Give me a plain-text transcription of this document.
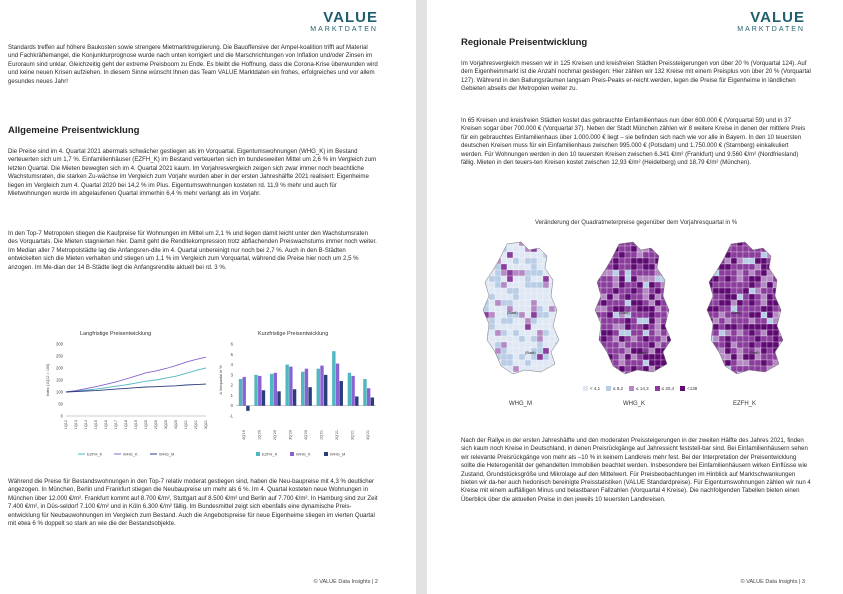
VALUE
MARKTDATEN

Standards treffen auf höhere Baukosten sowie strengere Mietmarktregulierung. Die Bauoffensive der Ampel-koalition trifft auf Material und Fachkräftemangel, die Konjunkturprognose wurde nach unten korrigiert und die Marschrichtungen von Inflation und/oder Zinsen im Euroraum sind unklar. Gleichzeitig geht der extreme Preisboom zu Ende. Es bleibt die Hoffnung, dass die Corona-Krise überwunden wird und keine neuen Krisen aufziehen. In diesem Sinne wünscht Ihnen das Team VALUE Marktdaten ein frohes, erfolgreiches und vor allem gesundes neues Jahr!

Allgemeine Preisentwicklung

Die Preise sind im 4. Quartal 2021 abermals schwächer gestiegen als im Vorquartal. Eigentumswohnungen (WHG_K) im Bestand verteuerten sich um 1,7 %. Einfamilienhäuser (EZFH_K) im Bestand verteuerten sich im bundesweiten Mittel um 2,6 % im Vergleich zum letzten Quartal. Die Mieten bewegten sich im 4. Quartal 2021 kaum. Im Vorjahresvergleich zeigen sich zwar immer noch beachtliche Wachstumsraten, die starken Zu-wächse im Vergleich zum Vorjahr wurden aber in der ersten Jahreshälfte 2021 realisiert: Eigenheime liegen im Vergleich zum 4. Quartal 2020 bei 14,2 % im Plus. Eigentumswohnungen kosteten rd. 11,9 % mehr und auch für Mietwohnungen wurde im abgelaufenen Quartal immerhin 6,4 % mehr verlangt als im Vorjahr.

In den Top-7 Metropolen stiegen die Kaufpreise für Wohnungen im Mittel um 2,1 % und liegen damit leicht unter den Wachstumsraten des Vorquartals. Die Mieten stagnierten hier. Damit geht die Renditekompression trotz abflachenden Preiswachstums immer noch weiter. Im Median aller 7 Metropolstädte lag die Anfangsren-dite im 4. Quartal unbereinigt nur noch bei 2,7 %. Auch in den B-Städten entwickelten sich die Mieten verhalten und stiegen um 1,1 % im Vergleich zum Vorquartal, während die Preise hier noch um 2,5 % anzogen. Im Me-dian der 14 B-Städte liegt die Anfangsrendite aktuell bei rd. 3 %.

Langfristige Preisentwicklung
0
50
100
150
200
250
300
Index (1Q12 = 100)
1Q12 1Q13 1Q14 1Q15 1Q16 1Q17 1Q18 1Q19 1Q20 2Q20 3Q20 4Q20 1Q21 2Q21 3Q21
EZFH_K	WHG_K	WHG_M
Kurzfristige Preisentwicklung
-1
0
1
2
3
4
5
6
Δ Vorquartal in %
4Q'19	1Q'20	2Q'20	3Q'20	4Q'20	1Q'21	2Q'21	3Q'21	4Q'21
EZFH_K	WHG_K	WHG_M

Während die Preise für Bestandswohnungen in den Top-7 relativ moderat gestiegen sind, haben die Neu-baupreise mit 4,3 % deutlicher angezogen. In München, Berlin und Frankfurt stiegen die Neubaupreise um mehr als 6 %. Im 4. Quartal kosteten neue Wohnungen in München über 12.000 €/m². Frankfurt kommt auf 8.700 €/m², Stuttgart auf 8.500 €/m² und Berlin auf 7.700 €/m². In Hamburg sind zur Zeit 7.400 €/m², in Düs-seldorf 7.100 €/m² und in Köln 6.300 €/m² fällig. Im Bundesmittel zeigt sich ebenfalls eine dynamische Preis-entwicklung für Neubauwohnungen im Vergleich zum Bestand. Auch die Angebotspreise für neue Eigenheime stiegen im vierten Quartal mit etwa 6 % doppelt so stark an wie die der Bestandsobjekte.

© VALUE Data Insights | 2
VALUE
MARKTDATEN
Regionale Preisentwicklung

Im Vorjahresvergleich messen wir in 125 Kreisen und kreisfreien Städten Preissteigerungen von über 20 % (Vorquartal 124). Auf dem Eigenheimmarkt ist die Anzahl nochmal gestiegen: Hier zählen wir 132 Kreise mit einem Preisplus von über 20 % (Vorquartal 127). Während in den Ballungsräumen langsam Preis-Peaks er-reicht werden, legen die Preise für Eigenheime in ländlichen Gebieten abseits der Metropolen weiter zu.

In 65 Kreisen und kreisfreien Städten kostet das gebrauchte Einfamilienhaus nun über 600.000 € (Vorquartal 59) und in 37 Kreisen sogar über 700.000 € (Vorquartal 37). Neben der Stadt München zählen wir 8 weitere Kreise in denen der mittlere Preis für ein gebrauchtes Einfamilienhaus über 1.000.000 € liegt – sie befinden sich nach wie vor alle in Bayern. In den 10 teuersten deutschen Kreisen muss für ein Einfamilienhaus zwischen 995.000 € (Potsdam) und 1.750.000 € (Starnberg) einkalkuliert werden. Für Wohnungen werden in den 10 teuersten Kreisen zwischen 6.341 €/m² (Frankfurt) und 9.560 €/m² (Nordfriesland) fällig. Mieten in den teuers-ten Kreisen kostet zwischen 12,93 €/m² (Heidelberg) und 18,79 €/m² (München).

Veränderung der Quadratmeterpreise gegenüber dem Vorjahresquartal in %
(Stadt)
(Stadt)
(Stadt)
(Stadt)
(Stadt)
(Stadt)
< 4,1	≤ 8,2	≤ 14,3	≤ 20,4	<138
WHG_M	WHG_K	EZFH_K

Nach der Rallye in der ersten Jahreshälfte und den moderaten Preissteigerungen in der zweiten Hälfte des Jahres 2021, finden sich kaum noch Kreise in Deutschland, in denen Preisrückgänge auf Jahressicht feststell-bar sind. Bei Einfamilienhäusern sehen wir relevante Preisrückgänge von mehr als –10 % in keinem Landkreis mehr fest. Bei der Interpretation der Preisentwicklung sollte die Heterogenität der gehandelten Immobilien beachtet werden. Insbesondere bei Einfamilienhäusern wirken Einflüsse wie Zustand, Grundstücksgröße und Mikrolage auf den Mittelwert. Für Preisbeobachtungen im Hinblick auf Marktschwankungen bieten wir da-her auch hedonisch bereinigte Preisstatistiken (VALUE Standardpreise). Für Eigentumswohnungen zählen wir nun 4 Kreise mit einem auffälligen Minus und belastbaren Fallzahlen (Vorquartal 4 Kreise). Die nachfolgenden Tabellen bieten einen Überblick über die aktuellen Preise in den jeweils 10 teuersten Landkreisen.

© VALUE Data Insights | 3
